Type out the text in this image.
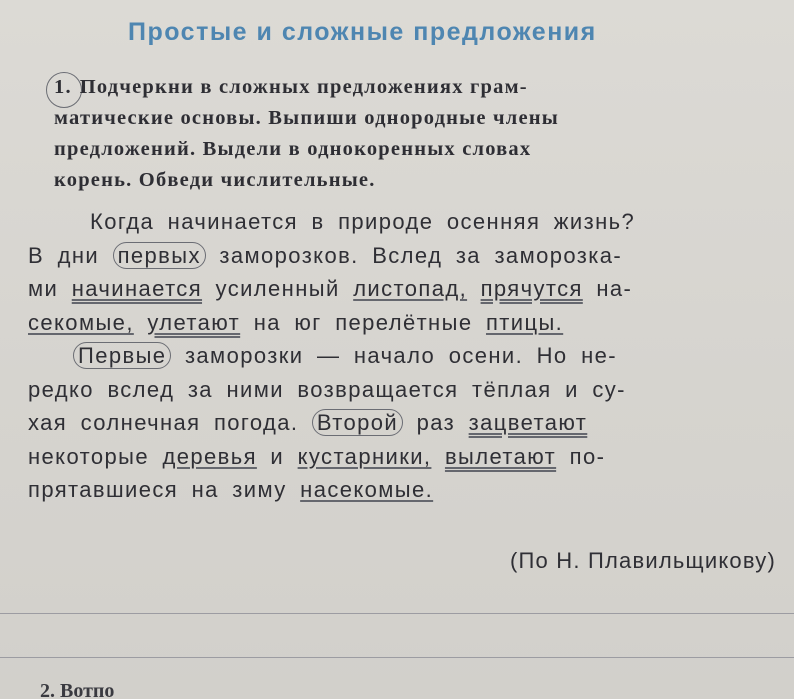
Простые и сложные предложения
1. Подчеркни в сложных предложениях грам-
матические основы. Выпиши однородные члены
предложений. Выдели в однокоренных словах
корень. Обведи числительные.
Когда начинается в природе осенняя жизнь?
В дни первых заморозков. Вслед за заморозка-
ми начинается усиленный листопад, прячутся на-
секомые, улетают на юг перелётные птицы.
Первые заморозки — начало осени. Но не-
редко вслед за ними возвращается тёплая и су-
хая солнечная погода. Второй раз зацветают
некоторые деревья и кустарники, вылетают по-
прятавшиеся на зиму насекомые.
(По Н. Плавильщикову)
2. Вотпо
